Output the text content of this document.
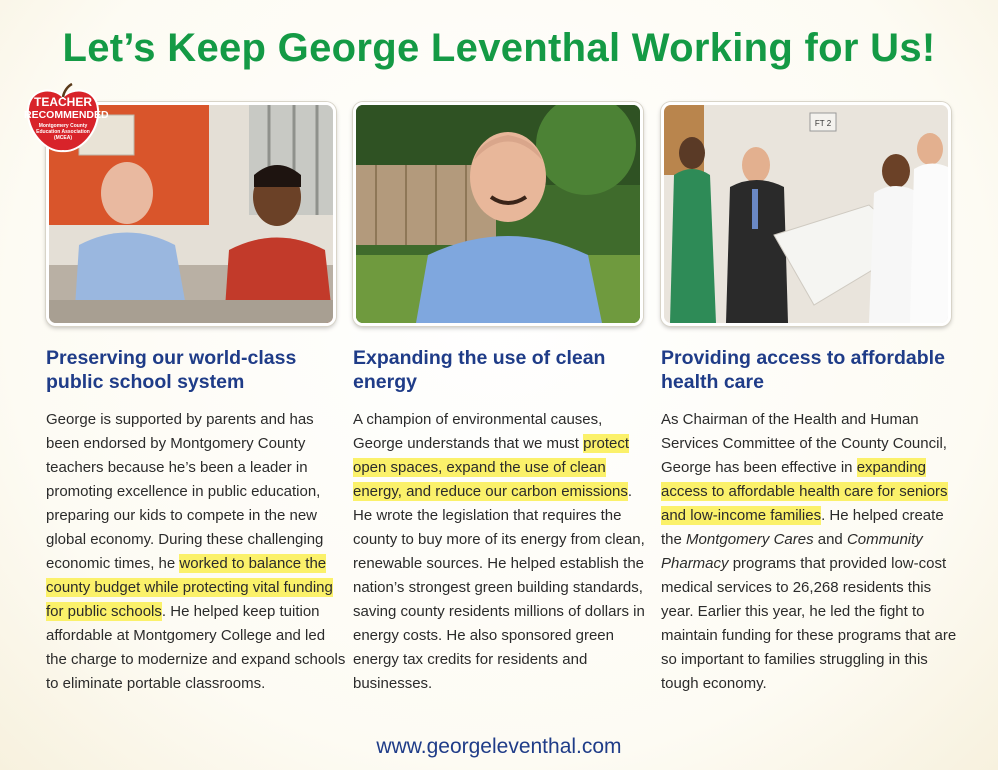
Let’s Keep George Leventhal Working for Us!
TEACHER
RECOMMENDED
Montgomery County Education Association (MCEA)
FT 2
Preserving our world-class public school system

George is supported by parents and has been endorsed by Montgomery County teachers because he’s been a leader in promoting excellence in public education, preparing our kids to compete in the new global economy. During these challenging economic times, he worked to balance the county budget while protecting vital funding for public schools. He helped keep tuition affordable at Montgomery College and led the charge to modernize and expand schools to eliminate portable classrooms.

Expanding the use of clean energy

A champion of environmental causes, George understands that we must protect open spaces, expand the use of clean energy, and reduce our carbon emissions. He wrote the legislation that requires the county to buy more of its energy from clean, renewable sources. He helped establish the nation’s strongest green building standards, saving county residents millions of dollars in energy costs. He also sponsored green energy tax credits for residents and businesses.

Providing access to affordable health care

As Chairman of the Health and Human Services Committee of the County Council, George has been effective in expanding access to affordable health care for seniors and low-income families. He helped create the Montgomery Cares and Community Pharmacy programs that provided low-cost medical services to 26,268 residents this year. Earlier this year, he led the fight to maintain funding for these programs that are so important to families struggling in this tough economy.

www.georgeleventhal.com
